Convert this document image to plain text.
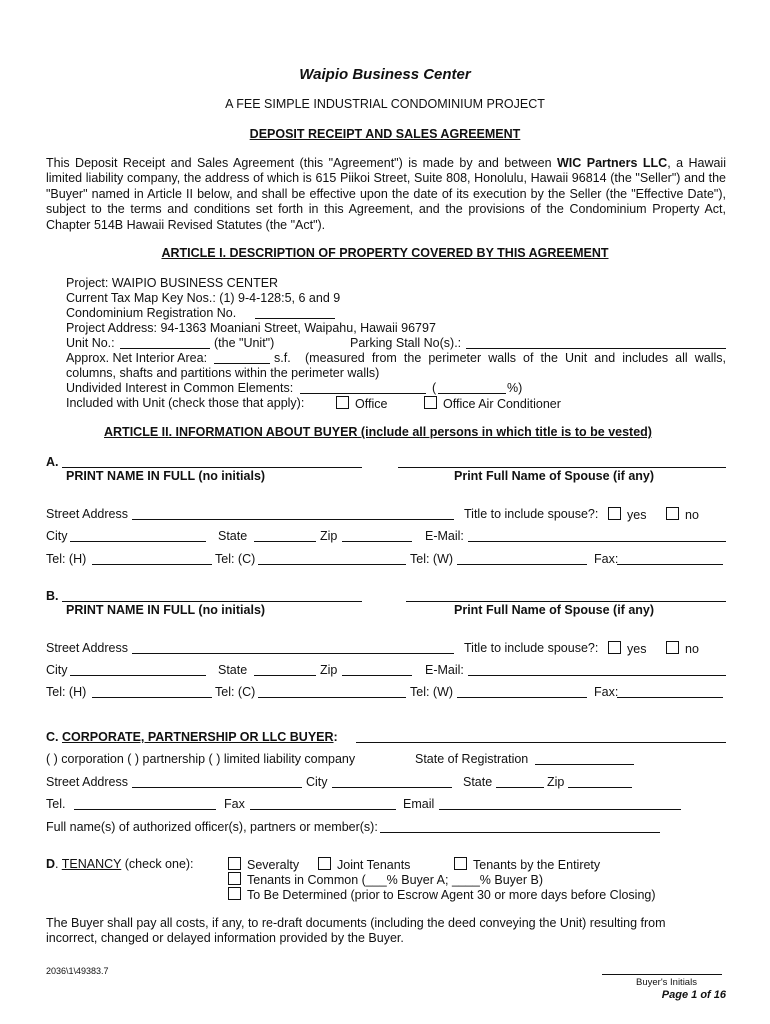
Waipio Business Center
A FEE SIMPLE INDUSTRIAL CONDOMINIUM PROJECT
DEPOSIT RECEIPT AND SALES AGREEMENT
This Deposit Receipt and Sales Agreement (this "Agreement") is made by and between WIC Partners LLC, a Hawaii limited liability company, the address of which is 615 Piikoi Street, Suite 808, Honolulu, Hawaii 96814 (the "Seller") and the "Buyer" named in Article II below, and shall be effective upon the date of its execution by the Seller (the "Effective Date"), subject to the terms and conditions set forth in this Agreement, and the provisions of the Condominium Property Act, Chapter 514B Hawaii Revised Statutes (the "Act").
ARTICLE I. DESCRIPTION OF PROPERTY COVERED BY THIS AGREEMENT
Project: WAIPIO BUSINESS CENTER
Current Tax Map Key Nos.: (1) 9-4-128:5, 6 and 9
Condominium Registration No.
Project Address: 94-1363 Moaniani Street, Waipahu, Hawaii 96797
Unit No.:	(the "Unit")	Parking Stall No(s).:
Approx. Net Interior Area:	s.f. (measured from the perimeter walls of the Unit and includes all walls,
columns, shafts and partitions within the perimeter walls)
Undivided Interest in Common Elements:	(	%)
Included with Unit (check those that apply):	Office	Office Air Conditioner
ARTICLE II. INFORMATION ABOUT BUYER (include all persons in which title is to be vested)
A.
PRINT NAME IN FULL (no initials)	Print Full Name of Spouse (if any)
Street Address	Title to include spouse?:	yes	no
City	State	Zip	E-Mail:
Tel: (H)	Tel: (C)	Tel: (W)	Fax:
B.
PRINT NAME IN FULL (no initials)	Print Full Name of Spouse (if any)
Street Address	Title to include spouse?:	yes	no
City	State	Zip	E-Mail:
Tel: (H)	Tel: (C)	Tel: (W)	Fax:
C. CORPORATE, PARTNERSHIP OR LLC BUYER:
( ) corporation ( ) partnership ( ) limited liability company	State of Registration
Street Address	City	State	Zip
Tel.	Fax	Email
Full name(s) of authorized officer(s), partners or member(s):
D. TENANCY (check one):	Severalty	Joint Tenants	Tenants by the Entirety
Tenants in Common (___% Buyer A; ____% Buyer B)
To Be Determined (prior to Escrow Agent 30 or more days before Closing)
The Buyer shall pay all costs, if any, to re-draft documents (including the deed conveying the Unit) resulting from incorrect, changed or delayed information provided by the Buyer.
2036\1\49383.7
Buyer's Initials
Page 1 of 16
